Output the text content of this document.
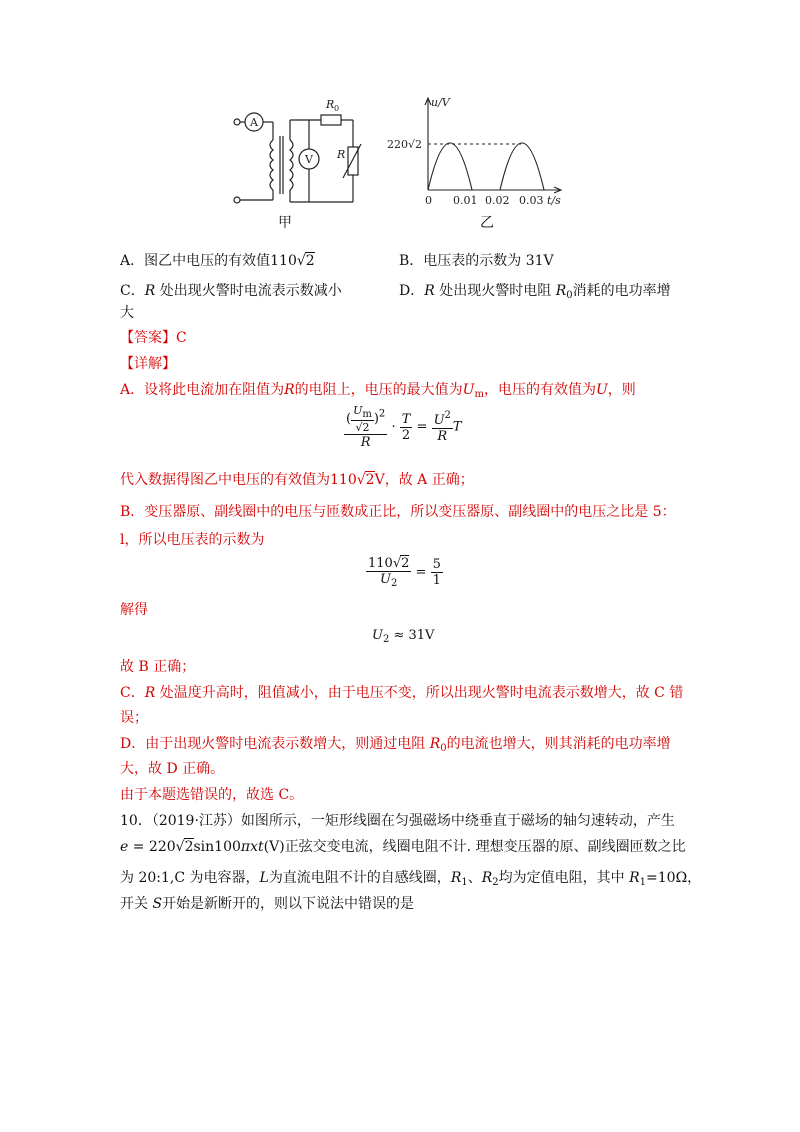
A
V
R 0
R
甲
u/V
220√2
0 0.01 0.02 0.03 t/s
乙
A．图乙中电压的有效值110√2	B．电压表的示数为 31V
C．R 处出现火警时电流表示数减小	D．R 处出现火警时电阻 $R_0$消耗的电功率增
大
【答案】C
【详解】
A．设将此电流加在阻值为R的电阻上，电压的最大值为$U_m$，电压的有效值为U，则
$\frac{( \frac{Um}{√2} )^2}{R} \cdot \frac{T}{2} = \frac{U^2}{R}$ T
代入数据得图乙中电压的有效值为110√2V，故 A 正确；
B．变压器原、副线圈中的电压与匝数成正比，所以变压器原、副线圈中的电压之比是 5：
l，所以电压表的示数为
$\frac{110√2}{U_2} = \frac{5}{1}$
解得
$U_2 \approx 31V$
故 B 正确；
C．R 处温度升高时，阻值减小，由于电压不变，所以出现火警时电流表示数增大，故 C 错
误；
D．由于出现火警时电流表示数增大，则通过电阻 $R_0$的电流也增大，则其消耗的电功率增
大，故 D 正确。
由于本题选错误的，故选 C。
10．（2019·江苏）如图所示，一矩形线圈在匀强磁场中绕垂直于磁场的轴匀速转动，产生
e = 220√2sin100πxt(V)正弦交变电流，线圈电阻不计. 理想变压器的原、副线圈匝数之比
为 20:1,C 为电容器，L为直流电阻不计的自感线圈，$R_1$、$R_2$均为定值电阻，其中 $R_1=10\Omega$，
开关 S开始是新断开的，则以下说法中错误的是
